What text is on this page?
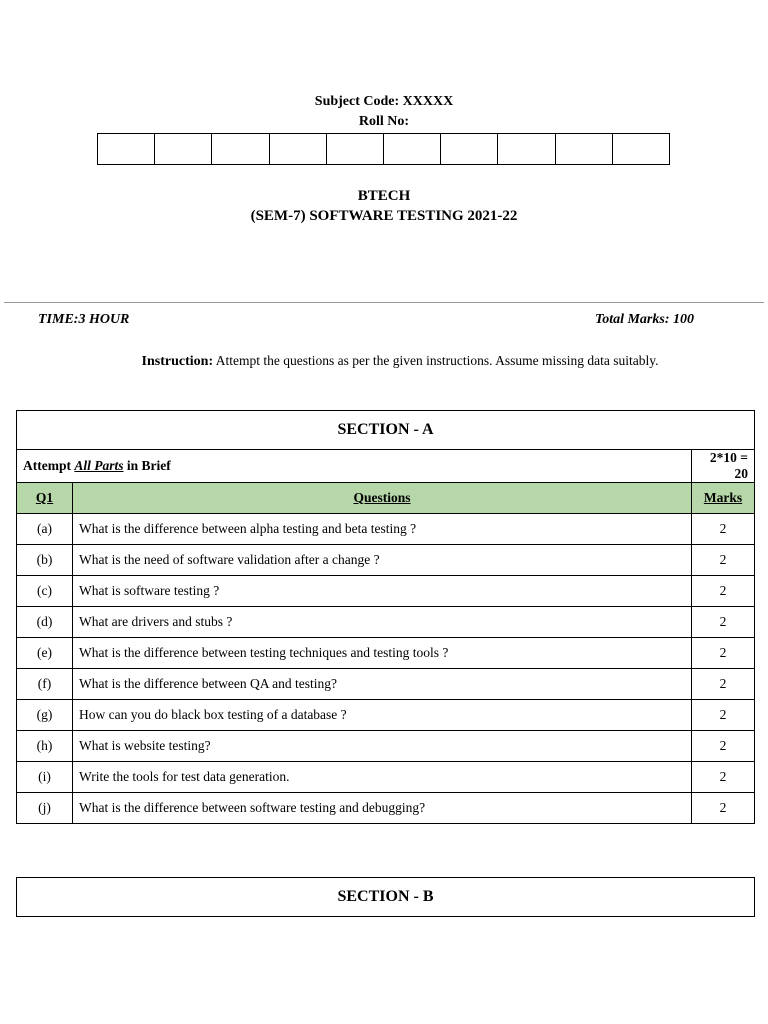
Subject Code: XXXXX
Roll No:
BTECH
(SEM-7) SOFTWARE TESTING 2021-22
TIME:3 HOUR	Total Marks: 100
Instruction: Attempt the questions as per the given instructions. Assume missing data suitably.
SECTION - A		
Attempt All Parts in Brief		2*10 = 20
Q1	Questions	Marks
(a)	What is the difference between alpha testing and beta testing ?	2
(b)	What is the need of software validation after a change ?	2
(c)	What is software testing ?	2
(d)	What are drivers and stubs ?	2
(e)	What is the difference between testing techniques and testing tools ?	2
(f)	What is the difference between QA and testing?	2
(g)	How can you do black box testing of a database ?	2
(h)	What is website testing?	2
(i)	Write the tools for test data generation.	2
(j)	What is the difference between software testing and debugging?	2
SECTION - B
